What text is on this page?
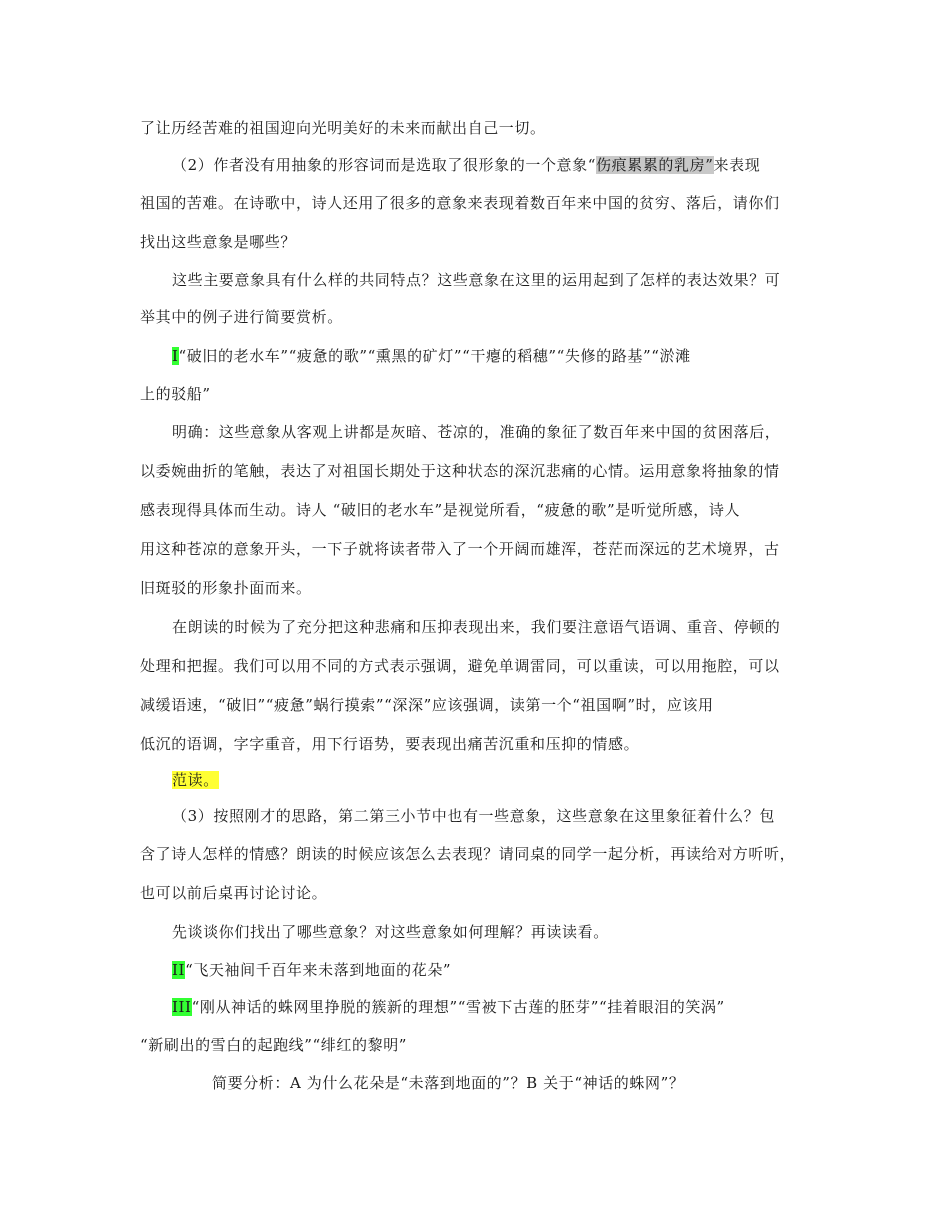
了让历经苦难的祖国迎向光明美好的未来而献出自己一切。
（2）作者没有用抽象的形容词而是选取了很形象的一个意象“伤痕累累的乳房”来表现
祖国的苦难。在诗歌中，诗人还用了很多的意象来表现着数百年来中国的贫穷、落后，请你们
找出这些意象是哪些？
这些主要意象具有什么样的共同特点？这些意象在这里的运用起到了怎样的表达效果？可
举其中的例子进行简要赏析。
I“破旧的老水车”“疲惫的歌”“熏黑的矿灯”“干瘪的稻穗”“失修的路基”“淤滩
上的驳船”
明确：这些意象从客观上讲都是灰暗、苍凉的，准确的象征了数百年来中国的贫困落后，
以委婉曲折的笔触，表达了对祖国长期处于这种状态的深沉悲痛的心情。运用意象将抽象的情
感表现得具体而生动。诗人 “破旧的老水车”是视觉所看，“疲惫的歌”是听觉所感，诗人
用这种苍凉的意象开头，一下子就将读者带入了一个开阔而雄浑，苍茫而深远的艺术境界，古
旧斑驳的形象扑面而来。
在朗读的时候为了充分把这种悲痛和压抑表现出来，我们要注意语气语调、重音、停顿的
处理和把握。我们可以用不同的方式表示强调，避免单调雷同，可以重读，可以用拖腔，可以
减缓语速，“破旧”“疲惫”蜗行摸索”“深深”应该强调，读第一个“祖国啊”时，应该用
低沉的语调，字字重音，用下行语势，要表现出痛苦沉重和压抑的情感。
范读。
（3）按照刚才的思路，第二第三小节中也有一些意象，这些意象在这里象征着什么？包
含了诗人怎样的情感？朗读的时候应该怎么去表现？请同桌的同学一起分析，再读给对方听听，
也可以前后桌再讨论讨论。
先谈谈你们找出了哪些意象？对这些意象如何理解？再读读看。
II“飞天袖间千百年来未落到地面的花朵”
III“刚从神话的蛛网里挣脱的簇新的理想”“雪被下古莲的胚芽”“挂着眼泪的笑涡”
“新刷出的雪白的起跑线”“绯红的黎明”
简要分析：A 为什么花朵是“未落到地面的”？B 关于“神话的蛛网”？
